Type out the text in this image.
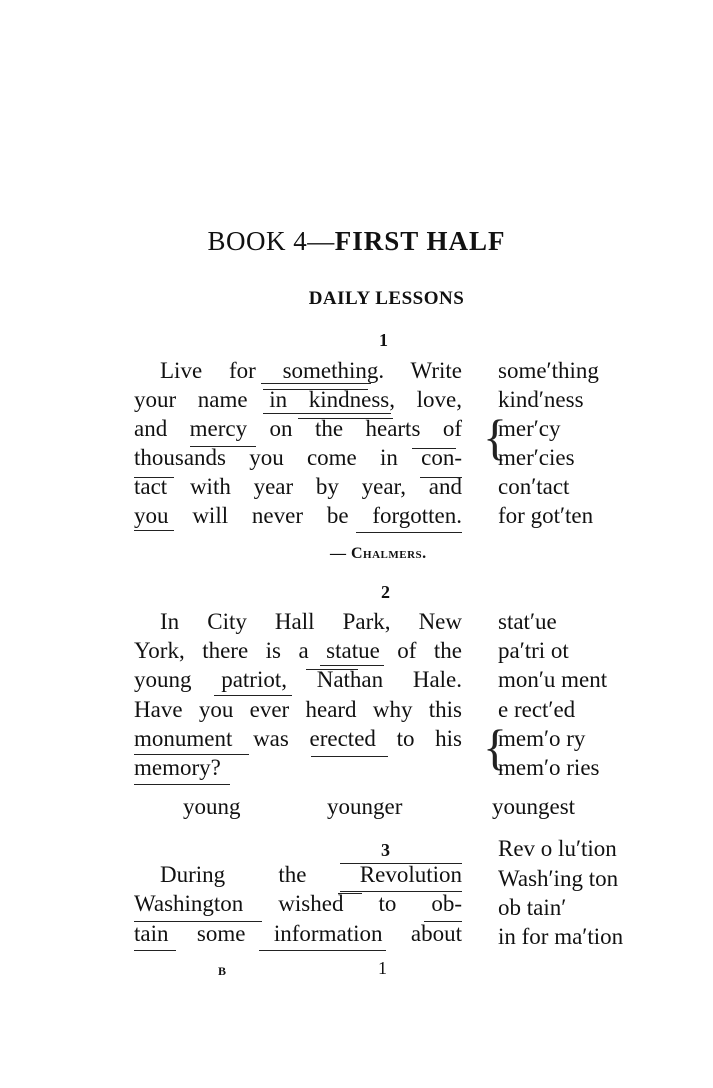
BOOK 4—FIRST HALF
DAILY LESSONS
1
Live for something. Write
your name in kindness, love,
and mercy on the hearts of
thousands you come in con-
tact with year by year, and
you will never be forgotten.
some′thing
kind′ness
{
mer′cy
mer′cies
con′tact
for got′ten
— Chalmers.
2
In City Hall Park, New
York, there is a statue of the
young patriot, Nathan Hale.
Have you ever heard why this
monument was erected to his
memory?
stat′ue
pa′tri ot
mon′u ment
e rect′ed
{
mem′o ry
mem′o ries
young	younger	youngest
3
During the Revolution
Washington wished to ob-
tain some information about
Rev o lu′tion
Wash′ing ton
ob tain′
in for ma′tion
B	1
